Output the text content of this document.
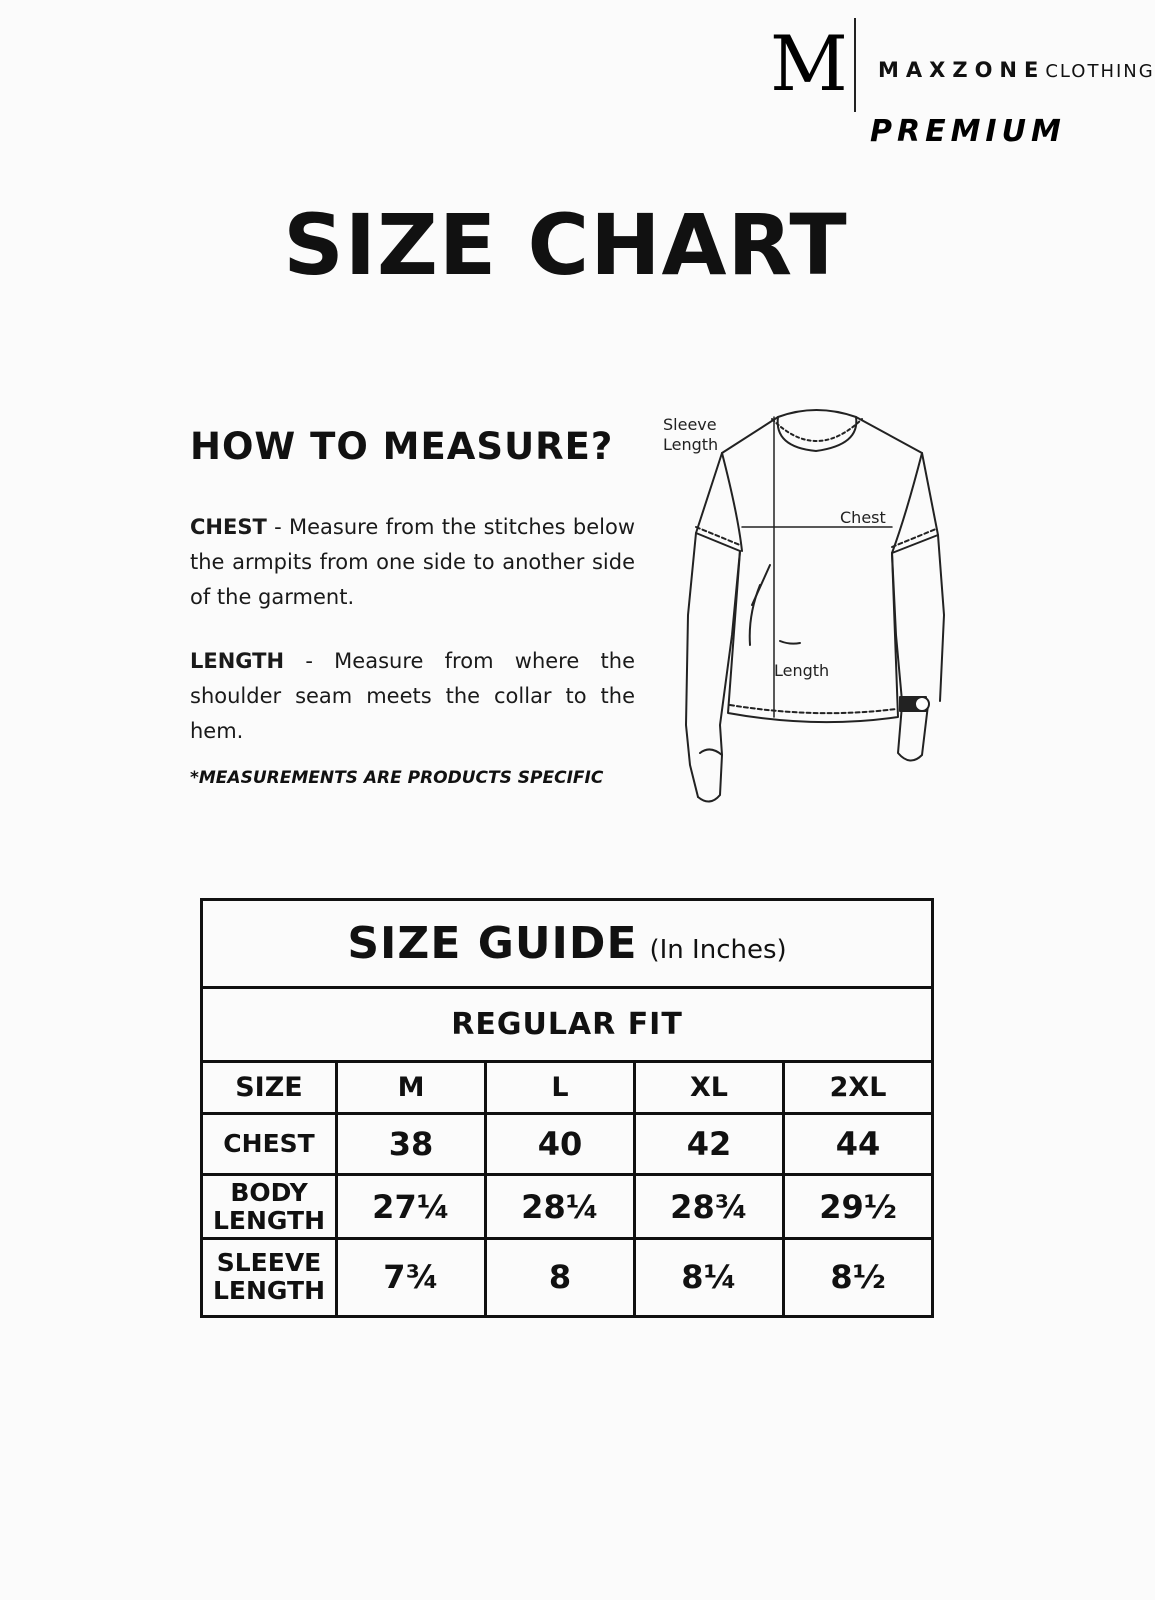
M MAXZONECLOTHING
PREMIUM
SIZE CHART
HOW TO MEASURE?
CHEST - Measure from the stitches below the armpits from one side to another side of the garment.
LENGTH - Measure from where the shoulder seam meets the collar to the hem.
*MEASUREMENTS ARE PRODUCTS SPECIFIC
Sleeve
Length
Chest
Length
SIZE GUIDE (In Inches)				
REGULAR FIT				
SIZE	M	L	XL	2XL
CHEST	38	40	42	44

BODY
LENGTH	27¼	28¼	28¾	29½

SLEEVE
LENGTH	7¾	8	8¼	8½
